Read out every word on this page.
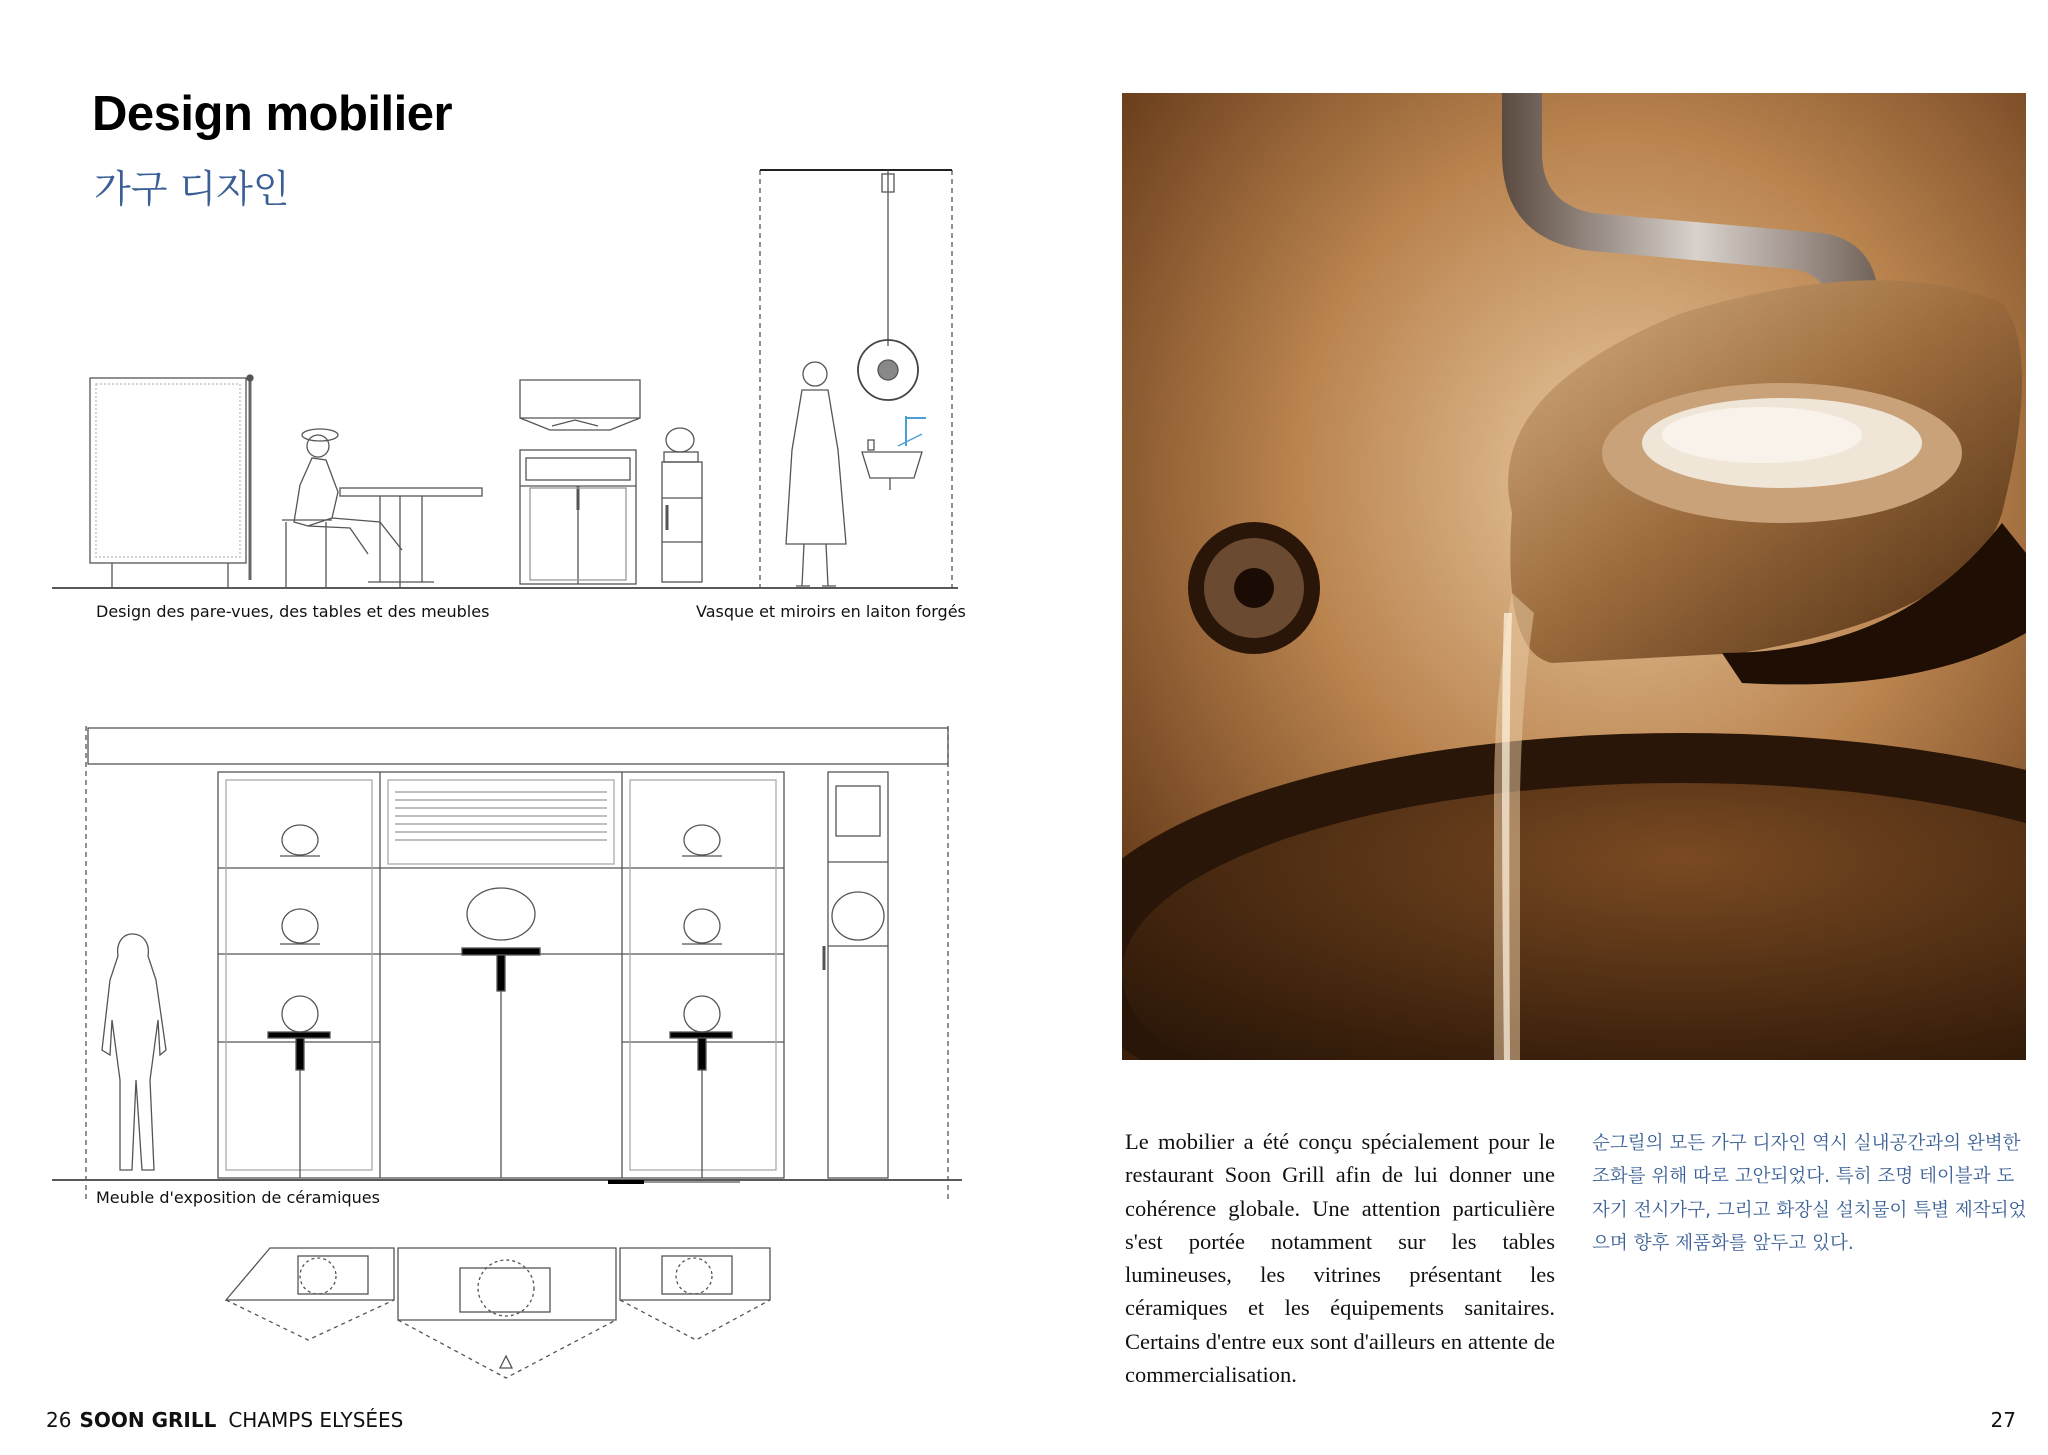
Design mobilier
가구 디자인
Design des pare-vues, des tables et des meubles	Vasque et miroirs en laiton forgés
Meuble d'exposition de céramiques
Le mobilier a été conçu spécialement pour le restaurant Soon Grill afin de lui donner une cohérence globale. Une attention particulière s'est portée notamment sur les tables lumineuses, les vitrines présentant les céramiques et les équipements sanitaires. Certains d'entre eux sont d'ailleurs en attente de commercialisation.
순그릴의 모든 가구 디자인 역시 실내공간과의 완벽한 조화를 위해 따로 고안되었다. 특히 조명 테이블과 도자기 전시가구, 그리고 화장실 설치물이 특별 제작되었으며 향후 제품화를 앞두고 있다.
26 SOON GRILL CHAMPS ELYSÉES	27
